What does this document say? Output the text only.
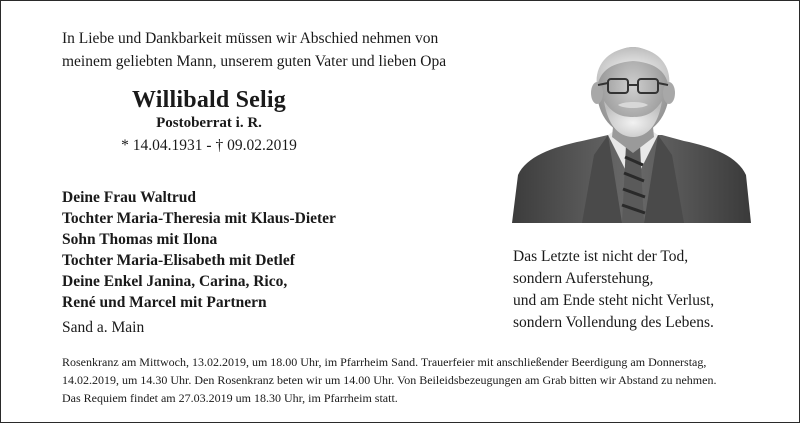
In Liebe und Dankbarkeit müssen wir Abschied nehmen von
meinem geliebten Mann, unserem guten Vater und lieben Opa
Willibald Selig
Postoberrat i. R.
* 14.04.1931 - † 09.02.2019
Deine Frau Waltrud
Tochter Maria-Theresia mit Klaus-Dieter
Sohn Thomas mit Ilona
Tochter Maria-Elisabeth mit Detlef
Deine Enkel Janina, Carina, Rico,
René und Marcel mit Partnern
Sand a. Main
Das Letzte ist nicht der Tod,
sondern Auferstehung,
und am Ende steht nicht Verlust,
sondern Vollendung des Lebens.
Rosenkranz am Mittwoch, 13.02.2019, um 18.00 Uhr, im Pfarrheim Sand. Trauerfeier mit anschließender Beerdigung am Donnerstag,
14.02.2019, um 14.30 Uhr. Den Rosenkranz beten wir um 14.00 Uhr. Von Beileidsbezeugungen am Grab bitten wir Abstand zu nehmen.
Das Requiem findet am 27.03.2019 um 18.30 Uhr, im Pfarrheim statt.
